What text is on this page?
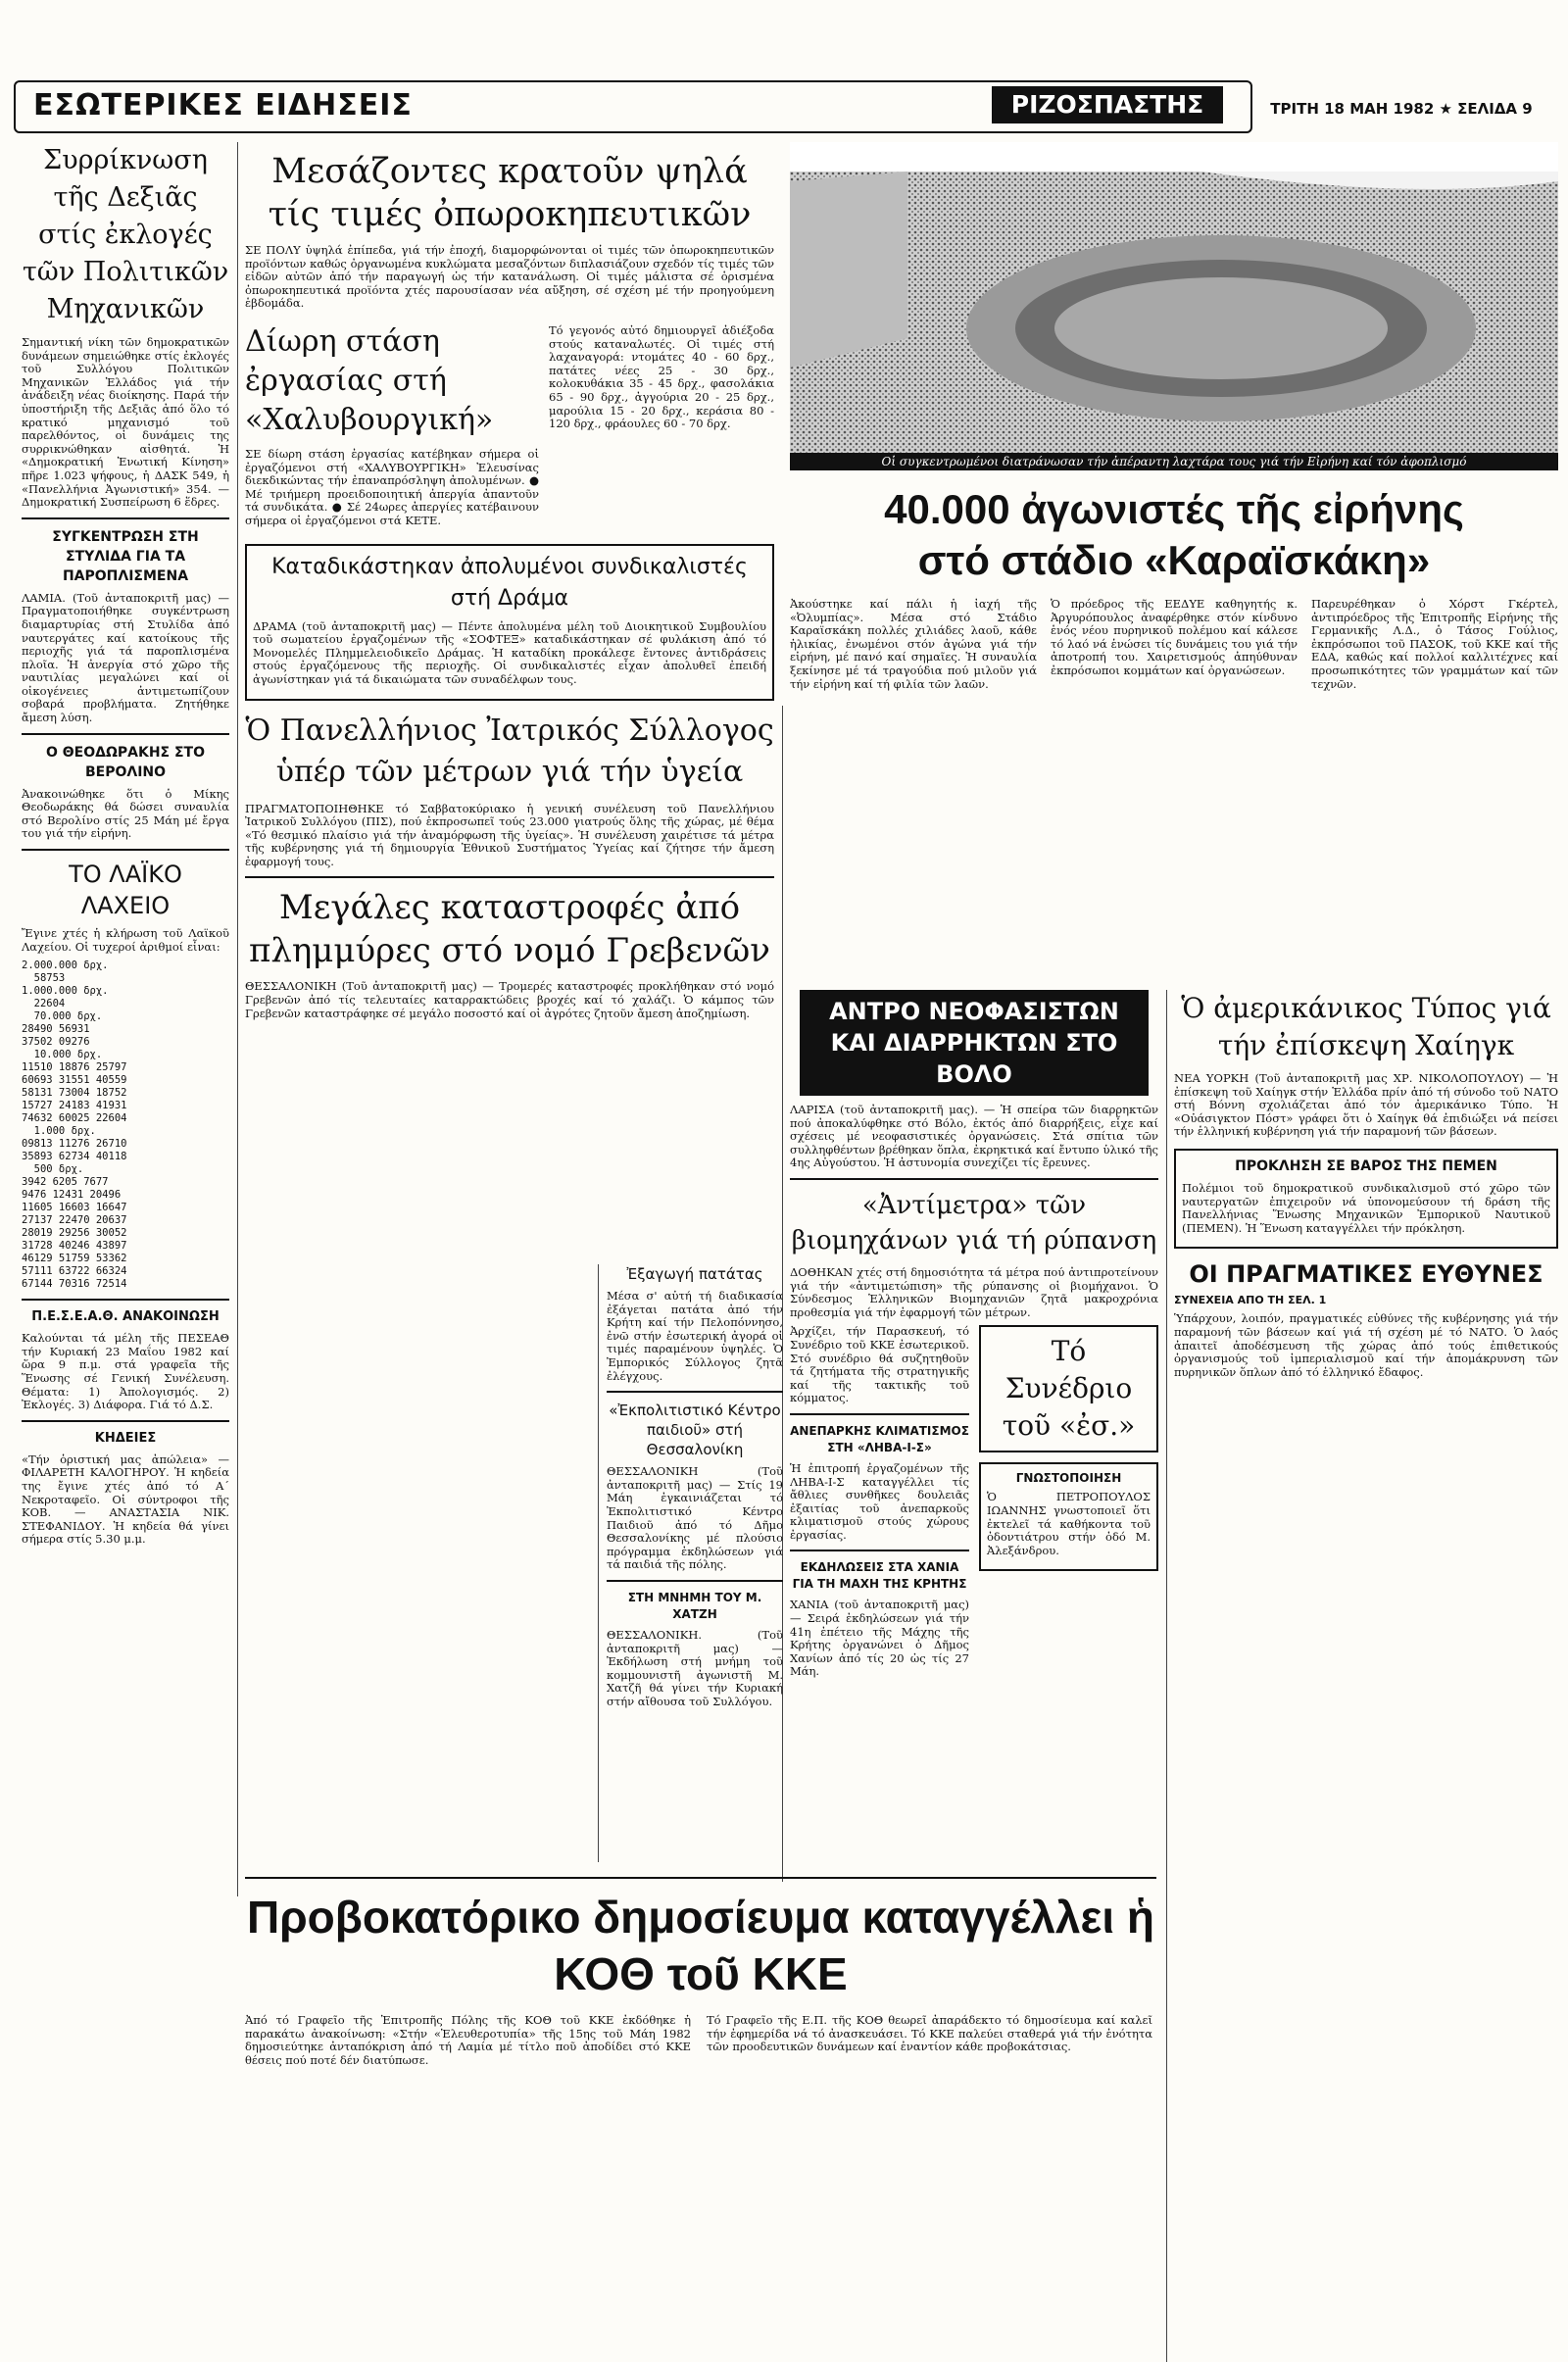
ΕΣΩΤΕΡΙΚΕΣ ΕΙΔΗΣΕΙΣ	ΡΙΖΟΣΠΑΣΤΗΣ	ΤΡΙΤΗ 18 ΜΑΗ 1982 ★ ΣΕΛΙΔΑ 9
Συρρίκνωση τῆς Δεξιᾶς στίς ἐκλογές τῶν Πολιτικῶν Μηχανικῶν

Σημαντική νίκη τῶν δημοκρατικῶν δυνάμεων σημειώθηκε στίς ἐκλογές τοῦ Συλλόγου Πολιτικῶν Μηχανικῶν Ἑλλάδος γιά τήν ἀνάδειξη νέας διοίκησης. Παρά τήν ὑποστήριξη τῆς Δεξιᾶς ἀπό ὅλο τό κρατικό μηχανισμό τοῦ παρελθόντος, οἱ δυνάμεις της συρρικνώθηκαν αἰσθητά. Ἡ «Δημοκρατική Ἑνωτική Κίνηση» πῆρε 1.023 ψήφους, ἡ ΔΑΣΚ 549, ἡ «Πανελλήνια Ἀγωνιστική» 354. — Δημοκρατική Συσπείρωση 6 ἕδρες.

ΣΥΓΚΕΝΤΡΩΣΗ ΣΤΗ ΣΤΥΛΙΔΑ ΓΙΑ ΤΑ ΠΑΡΟΠΛΙΣΜΕΝΑ

ΛΑΜΙΑ. (Τοῦ ἀνταποκριτῆ μας) — Πραγματοποιήθηκε συγκέντρωση διαμαρτυρίας στή Στυλίδα ἀπό ναυτεργάτες καί κατοίκους τῆς περιοχῆς γιά τά παροπλισμένα πλοῖα. Ἡ ἀνεργία στό χῶρο τῆς ναυτιλίας μεγαλώνει καί οἱ οἰκογένειες ἀντιμετωπίζουν σοβαρά προβλήματα. Ζητήθηκε ἄμεση λύση.

Ο ΘΕΟΔΩΡΑΚΗΣ ΣΤΟ ΒΕΡΟΛΙΝΟ

Ἀνακοινώθηκε ὅτι ὁ Μίκης Θεοδωράκης θά δώσει συναυλία στό Βερολίνο στίς 25 Μάη μέ ἔργα του γιά τήν εἰρήνη.

ΤΟ ΛΑΪΚΟ ΛΑΧΕΙΟ

Ἔγινε χτές ἡ κλήρωση τοῦ Λαϊκοῦ Λαχείου. Οἱ τυχεροί ἀριθμοί εἶναι:

2.000.000 δρχ.
58753
1.000.000 δρχ.
22604
70.000 δρχ.
28490 56931
37502 09276
10.000 δρχ.
11510 18876 25797
60693 31551 40559
58131 73004 18752
15727 24183 41931
74632 60025 22604
1.000 δρχ.
09813 11276 26710
35893 62734 40118
500 δρχ.
3942 6205 7677
9476 12431 20496
11605 16603 16647
27137 22470 20637
28019 29256 30052
31728 40246 43897
46129 51759 53362
57111 63722 66324
67144 70316 72514
Π.Ε.Σ.Ε.Α.Θ. ΑΝΑΚΟΙΝΩΣΗ

Καλούνται τά μέλη τῆς ΠΕΣΕΑΘ τήν Κυριακή 23 Μαΐου 1982 καί ὥρα 9 π.μ. στά γραφεῖα τῆς Ἕνωσης σέ Γενική Συνέλευση. Θέματα: 1) Ἀπολογισμός. 2) Ἐκλογές. 3) Διάφορα. Γιά τό Δ.Σ.

ΚΗΔΕΙΕΣ

«Τήν ὁριστική μας ἀπώλεια» — ΦΙΛΑΡΕΤΗ ΚΑΛΟΓΗΡΟΥ. Ἡ κηδεία της ἔγινε χτές ἀπό τό Α΄ Νεκροταφεῖο. Οἱ σύντροφοι τῆς ΚΟΒ. — ΑΝΑΣΤΑΣΙΑ ΝΙΚ. ΣΤΕΦΑΝΙΔΟΥ. Ἡ κηδεία θά γίνει σήμερα στίς 5.30 μ.μ.

Μεσάζοντες κρατοῦν ψηλά τίς τιμές ὀπωροκηπευτικῶν

ΣΕ ΠΟΛΥ ὑψηλά ἐπίπεδα, γιά τήν ἐποχή, διαμορφώνονται οἱ τιμές τῶν ὀπωροκηπευτικῶν προϊόντων καθώς ὀργανωμένα κυκλώματα μεσαζόντων διπλασιάζουν σχεδόν τίς τιμές τῶν εἰδῶν αὐτῶν ἀπό τήν παραγωγή ὡς τήν κατανάλωση. Οἱ τιμές μάλιστα σέ ὁρισμένα ὀπωροκηπευτικά προϊόντα χτές παρουσίασαν νέα αὔξηση, σέ σχέση μέ τήν προηγούμενη ἑβδομάδα.

Δίωρη στάση ἐργασίας στή «Χαλυβουργική»

ΣΕ δίωρη στάση ἐργασίας κατέβηκαν σήμερα οἱ ἐργαζόμενοι στή «ΧΑΛΥΒΟΥΡΓΙΚΗ» Ἐλευσίνας διεκδικώντας τήν ἐπαναπρόσληψη ἀπολυμένων. ● Μέ τριήμερη προειδοποιητική ἀπεργία ἀπαντοῦν τά συνδικάτα. ● Σέ 24ωρες ἀπεργίες κατέβαινουν σήμερα οἱ ἐργαζόμενοι στά ΚΕΤΕ.

Τό γεγονός αὐτό δημιουργεῖ ἀδιέξοδα στούς καταναλωτές. Οἱ τιμές στή λαχαναγορά: ντομάτες 40 - 60 δρχ., πατάτες νέες 25 - 30 δρχ., κολοκυθάκια 35 - 45 δρχ., φασολάκια 65 - 90 δρχ., ἀγγούρια 20 - 25 δρχ., μαρούλια 15 - 20 δρχ., κεράσια 80 - 120 δρχ., φράουλες 60 - 70 δρχ.

Καταδικάστηκαν ἀπολυμένοι συνδικαλιστές στή Δράμα

ΔΡΑΜΑ (τοῦ ἀνταποκριτῆ μας) — Πέντε ἀπολυμένα μέλη τοῦ Διοικητικοῦ Συμβουλίου τοῦ σωματείου ἐργαζομένων τῆς «ΣΟΦΤΕΞ» καταδικάστηκαν σέ φυλάκιση ἀπό τό Μονομελές Πλημμελειοδικεῖο Δράμας. Ἡ καταδίκη προκάλεσε ἔντονες ἀντιδράσεις στούς ἐργαζόμενους τῆς περιοχῆς. Οἱ συνδικαλιστές εἶχαν ἀπολυθεῖ ἐπειδή ἀγωνίστηκαν γιά τά δικαιώματα τῶν συναδέλφων τους.

Ὁ Πανελλήνιος Ἰατρικός Σύλλογος ὑπέρ τῶν μέτρων γιά τήν ὑγεία

ΠΡΑΓΜΑΤΟΠΟΙΗΘΗΚΕ τό Σαββατοκύριακο ἡ γενική συνέλευση τοῦ Πανελλήνιου Ἰατρικοῦ Συλλόγου (ΠΙΣ), πού ἐκπροσωπεῖ τούς 23.000 γιατρούς ὅλης τῆς χώρας, μέ θέμα «Τό θεσμικό πλαίσιο γιά τήν ἀναμόρφωση τῆς ὑγείας». Ἡ συνέλευση χαιρέτισε τά μέτρα τῆς κυβέρνησης γιά τή δημιουργία Ἐθνικοῦ Συστήματος Ὑγείας καί ζήτησε τήν ἄμεση ἐφαρμογή τους.

Μεγάλες καταστροφές ἀπό πλημμύρες στό νομό Γρεβενῶν

ΘΕΣΣΑΛΟΝΙΚΗ (Τοῦ ἀνταποκριτῆ μας) — Τρομερές καταστροφές προκλήθηκαν στό νομό Γρεβενῶν ἀπό τίς τελευταίες καταρρακτώδεις βροχές καί τό χαλάζι. Ὁ κάμπος τῶν Γρεβενῶν καταστράφηκε σέ μεγάλο ποσοστό καί οἱ ἀγρότες ζητοῦν ἄμεση ἀποζημίωση.

Ἐξαγωγή πατάτας

Μέσα σ' αὐτή τή διαδικασία ἐξάγεται πατάτα ἀπό τήν Κρήτη καί τήν Πελοπόννησο, ἐνῶ στήν ἐσωτερική ἀγορά οἱ τιμές παραμένουν ὑψηλές. Ὁ Ἐμπορικός Σύλλογος ζητᾶ ἐλέγχους.

«Ἐκπολιτιστικό Κέντρο παιδιοῦ» στή Θεσσαλονίκη

ΘΕΣΣΑΛΟΝΙΚΗ (Τοῦ ἀνταποκριτῆ μας) — Στίς 19 Μάη ἐγκαινιάζεται τό Ἐκπολιτιστικό Κέντρο Παιδιοῦ ἀπό τό Δῆμο Θεσσαλονίκης μέ πλούσιο πρόγραμμα ἐκδηλώσεων γιά τά παιδιά τῆς πόλης.

ΣΤΗ ΜΝΗΜΗ ΤΟΥ Μ. ΧΑΤΖΗ

ΘΕΣΣΑΛΟΝΙΚΗ. (Τοῦ ἀνταποκριτῆ μας) — Ἐκδήλωση στή μνήμη τοῦ κομμουνιστῆ ἀγωνιστῆ Μ. Χατζῆ θά γίνει τήν Κυριακή στήν αἴθουσα τοῦ Συλλόγου.

Οἱ συγκεντρωμένοι διατράνωσαν τήν ἀπέραντη λαχτάρα τους γιά τήν Εἰρήνη καί τόν ἀφοπλισμό
40.000 ἀγωνιστές τῆς εἰρήνης στό στάδιο «Καραϊσκάκη»

Ἀκούστηκε καί πάλι ἡ ἰαχή τῆς «Ὀλυμπίας». Μέσα στό Στάδιο Καραϊσκάκη πολλές χιλιάδες λαοῦ, κάθε ἡλικίας, ἐνωμένοι στόν ἀγώνα γιά τήν εἰρήνη, μέ πανό καί σημαῖες. Ἡ συναυλία ξεκίνησε μέ τά τραγούδια πού μιλοῦν γιά τήν εἰρήνη καί τή φιλία τῶν λαῶν.

Ὁ πρόεδρος τῆς ΕΕΔΥΕ καθηγητής κ. Ἀργυρόπουλος ἀναφέρθηκε στόν κίνδυνο ἑνός νέου πυρηνικοῦ πολέμου καί κάλεσε τό λαό νά ἑνώσει τίς δυνάμεις του γιά τήν ἀποτροπή του. Χαιρετισμούς ἀπηύθυναν ἐκπρόσωποι κομμάτων καί ὀργανώσεων.

Παρευρέθηκαν ὁ Χόρστ Γκέρτελ, ἀντιπρόεδρος τῆς Ἐπιτροπῆς Εἰρήνης τῆς Γερμανικῆς Λ.Δ., ὁ Τάσος Γούλιος, ἐκπρόσωποι τοῦ ΠΑΣΟΚ, τοῦ ΚΚΕ καί τῆς ΕΔΑ, καθώς καί πολλοί καλλιτέχνες καί προσωπικότητες τῶν γραμμάτων καί τῶν τεχνῶν.

ΑΝΤΡΟ ΝΕΟΦΑΣΙΣΤΩΝ ΚΑΙ ΔΙΑΡΡΗΚΤΩΝ ΣΤΟ ΒΟΛΟ

ΛΑΡΙΣΑ (τοῦ ἀνταποκριτῆ μας). — Ἡ σπείρα τῶν διαρρηκτῶν πού ἀποκαλύφθηκε στό Βόλο, ἐκτός ἀπό διαρρήξεις, εἶχε καί σχέσεις μέ νεοφασιστικές ὀργανώσεις. Στά σπίτια τῶν συλληφθέντων βρέθηκαν ὅπλα, ἐκρηκτικά καί ἔντυπο ὑλικό τῆς 4ης Αὐγούστου. Ἡ ἀστυνομία συνεχίζει τίς ἔρευνες.

«Ἀντίμετρα» τῶν βιομηχάνων γιά τή ρύπανση

ΔΟΘΗΚΑΝ χτές στή δημοσιότητα τά μέτρα πού ἀντιπροτείνουν γιά τήν «ἀντιμετώπιση» τῆς ρύπανσης οἱ βιομήχανοι. Ὁ Σύνδεσμος Ἑλληνικῶν Βιομηχανιῶν ζητᾶ μακροχρόνια προθεσμία γιά τήν ἐφαρμογή τῶν μέτρων.

Ἀρχίζει, τήν Παρασκευή, τό Συνέδριο τοῦ ΚΚΕ ἐσωτερικοῦ. Στό συνέδριο θά συζητηθοῦν τά ζητήματα τῆς στρατηγικῆς καί τῆς τακτικῆς τοῦ κόμματος.

ΑΝΕΠΑΡΚΗΣ ΚΛΙΜΑΤΙΣΜΟΣ ΣΤΗ «ΛΗΒΑ-Ι-Σ»

Ἡ ἐπιτροπή ἐργαζομένων τῆς ΛΗΒΑ-Ι-Σ καταγγέλλει τίς ἄθλιες συνθῆκες δουλειᾶς ἐξαιτίας τοῦ ἀνεπαρκοῦς κλιματισμοῦ στούς χώρους ἐργασίας.

ΕΚΔΗΛΩΣΕΙΣ ΣΤΑ ΧΑΝΙΑ ΓΙΑ ΤΗ ΜΑΧΗ ΤΗΣ ΚΡΗΤΗΣ

ΧΑΝΙΑ (τοῦ ἀνταποκριτῆ μας) — Σειρά ἐκδηλώσεων γιά τήν 41η ἐπέτειο τῆς Μάχης τῆς Κρήτης ὀργανώνει ὁ Δῆμος Χανίων ἀπό τίς 20 ὡς τίς 27 Μάη.

Τό Συνέδριο τοῦ «ἐσ.»
ΓΝΩΣΤΟΠΟΙΗΣΗ

Ὁ ΠΕΤΡΟΠΟΥΛΟΣ ΙΩΑΝΝΗΣ γνωστοποιεῖ ὅτι ἐκτελεῖ τά καθήκοντα τοῦ ὀδοντιάτρου στήν ὁδό Μ. Ἀλεξάνδρου.

Ὁ ἀμερικάνικος Τύπος γιά τήν ἐπίσκεψη Χαίηγκ

ΝΕΑ ΥΟΡΚΗ (Τοῦ ἀνταποκριτῆ μας ΧΡ. ΝΙΚΟΛΟΠΟΥΛΟΥ) — Ἡ ἐπίσκεψη τοῦ Χαίηγκ στήν Ἑλλάδα πρίν ἀπό τή σύνοδο τοῦ ΝΑΤΟ στή Βόννη σχολιάζεται ἀπό τόν ἀμερικάνικο Τύπο. Ἡ «Οὐάσιγκτον Πόστ» γράφει ὅτι ὁ Χαίηγκ θά ἐπιδιώξει νά πείσει τήν ἑλληνική κυβέρνηση γιά τήν παραμονή τῶν βάσεων.

ΠΡΟΚΛΗΣΗ ΣΕ ΒΑΡΟΣ ΤΗΣ ΠΕΜΕΝ

Πολέμιοι τοῦ δημοκρατικοῦ συνδικαλισμοῦ στό χῶρο τῶν ναυτεργατῶν ἐπιχειροῦν νά ὑπονομεύσουν τή δράση τῆς Πανελλήνιας Ἕνωσης Μηχανικῶν Ἐμπορικοῦ Ναυτικοῦ (ΠΕΜΕΝ). Ἡ Ἕνωση καταγγέλλει τήν πρόκληση.

ΟΙ ΠΡΑΓΜΑΤΙΚΕΣ ΕΥΘΥΝΕΣ
ΣΥΝΕΧΕΙΑ ΑΠΟ ΤΗ ΣΕΛ. 1

Ὑπάρχουν, λοιπόν, πραγματικές εὐθύνες τῆς κυβέρνησης γιά τήν παραμονή τῶν βάσεων καί γιά τή σχέση μέ τό ΝΑΤΟ. Ὁ λαός ἀπαιτεῖ ἀποδέσμευση τῆς χώρας ἀπό τούς ἐπιθετικούς ὀργανισμούς τοῦ ἰμπεριαλισμοῦ καί τήν ἀπομάκρυνση τῶν πυρηνικῶν ὅπλων ἀπό τό ἑλληνικό ἔδαφος.

Προβοκατόρικο δημοσίευμα καταγγέλλει ἡ ΚΟΘ τοῦ ΚΚΕ

Ἀπό τό Γραφεῖο τῆς Ἐπιτροπῆς Πόλης τῆς ΚΟΘ τοῦ ΚΚΕ ἐκδόθηκε ἡ παρακάτω ἀνακοίνωση: «Στήν «Ἐλευθεροτυπία» τῆς 15ης τοῦ Μάη 1982 δημοσιεύτηκε ἀνταπόκριση ἀπό τή Λαμία μέ τίτλο ποῦ ἀποδίδει στό ΚΚΕ θέσεις πού ποτέ δέν διατύπωσε.

Τό Γραφεῖο τῆς Ε.Π. τῆς ΚΟΘ θεωρεῖ ἀπαράδεκτο τό δημοσίευμα καί καλεῖ τήν ἐφημερίδα νά τό ἀνασκευάσει. Τό ΚΚΕ παλεύει σταθερά γιά τήν ἑνότητα τῶν προοδευτικῶν δυνάμεων καί ἐναντίον κάθε προβοκάτσιας.
